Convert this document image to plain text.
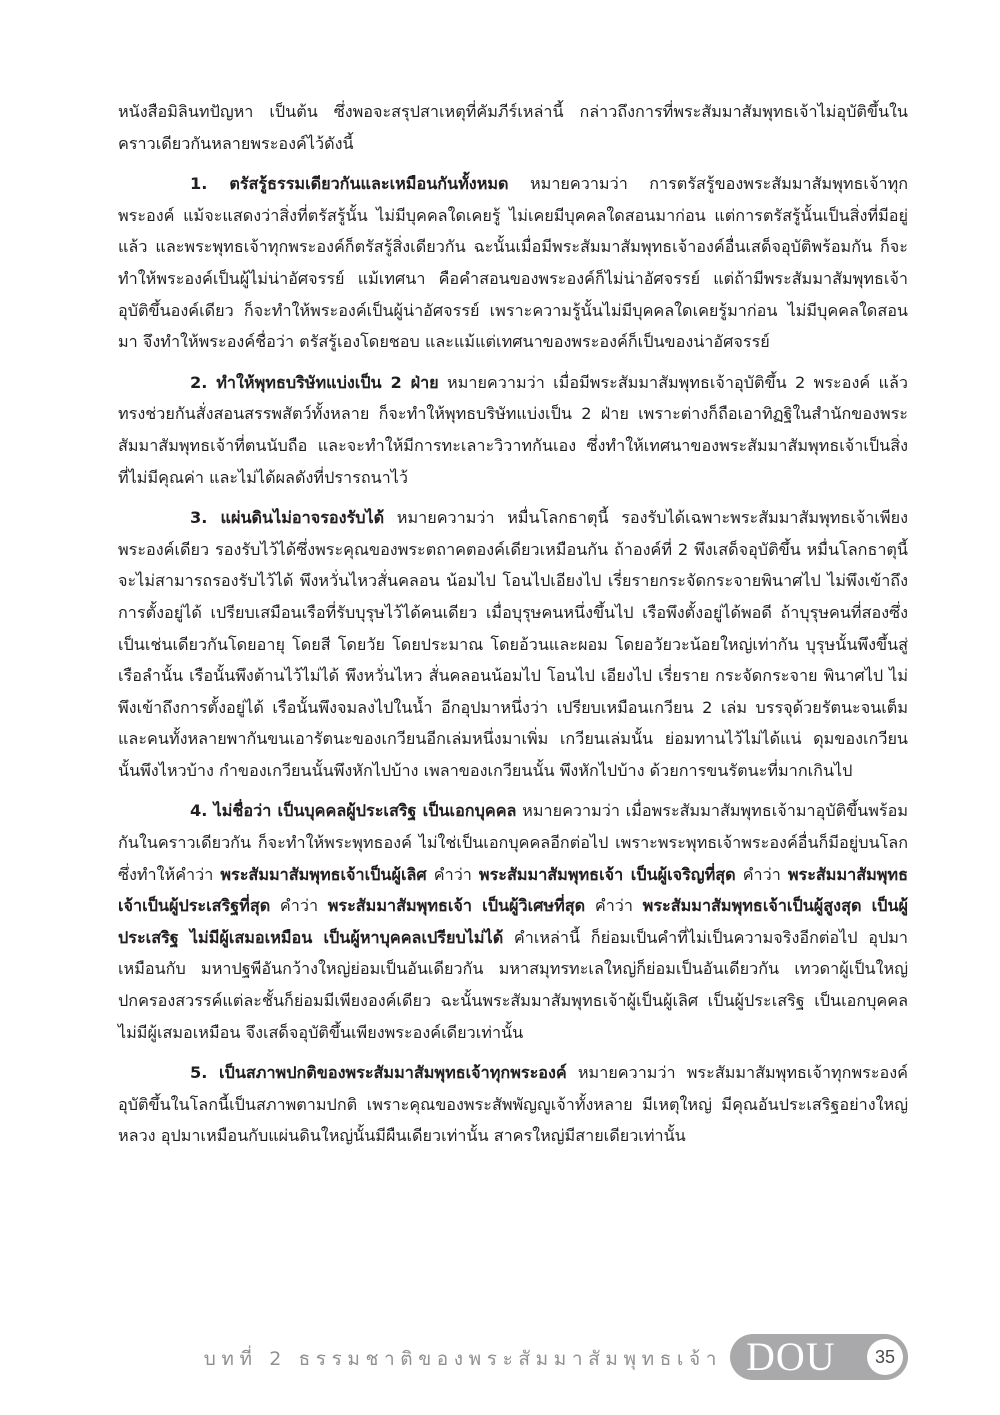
หนังสือมิลินทปัญหา เป็นต้น ซึ่งพอจะสรุปสาเหตุที่คัมภีร์เหล่านี้ กล่าวถึงการที่พระสัมมาสัมพุทธเจ้าไม่อุบัติขึ้นในคราวเดียวกันหลายพระองค์ไว้ดังนี้

1. ตรัสรู้ธรรมเดียวกันและเหมือนกันทั้งหมด หมายความว่า การตรัสรู้ของพระสัมมาสัมพุทธเจ้าทุกพระองค์ แม้จะแสดงว่าสิ่งที่ตรัสรู้นั้น ไม่มีบุคคลใดเคยรู้ ไม่เคยมีบุคคลใดสอนมาก่อน แต่การตรัสรู้นั้นเป็นสิ่งที่มีอยู่แล้ว และพระพุทธเจ้าทุกพระองค์ก็ตรัสรู้สิ่งเดียวกัน ฉะนั้นเมื่อมีพระสัมมาสัมพุทธเจ้าองค์อื่นเสด็จอุบัติพร้อมกัน ก็จะทำให้พระองค์เป็นผู้ไม่น่าอัศจรรย์ แม้เทศนา คือคำสอนของพระองค์ก็ไม่น่าอัศจรรย์ แต่ถ้ามีพระสัมมาสัมพุทธเจ้าอุบัติขึ้นองค์เดียว ก็จะทำให้พระองค์เป็นผู้น่าอัศจรรย์ เพราะความรู้นั้นไม่มีบุคคลใดเคยรู้มาก่อน ไม่มีบุคคลใดสอนมา จึงทำให้พระองค์ชื่อว่า ตรัสรู้เองโดยชอบ และแม้แต่เทศนาของพระองค์ก็เป็นของน่าอัศจรรย์

2. ทำให้พุทธบริษัทแบ่งเป็น 2 ฝ่าย หมายความว่า เมื่อมีพระสัมมาสัมพุทธเจ้าอุบัติขึ้น 2 พระองค์ แล้วทรงช่วยกันสั่งสอนสรรพสัตว์ทั้งหลาย ก็จะทำให้พุทธบริษัทแบ่งเป็น 2 ฝ่าย เพราะต่างก็ถือเอาทิฏฐิในสำนักของพระสัมมาสัมพุทธเจ้าที่ตนนับถือ และจะทำให้มีการทะเลาะวิวาทกันเอง ซึ่งทำให้เทศนาของพระสัมมาสัมพุทธเจ้าเป็นสิ่งที่ไม่มีคุณค่า และไม่ได้ผลดังที่ปรารถนาไว้

3. แผ่นดินไม่อาจรองรับได้ หมายความว่า หมื่นโลกธาตุนี้ รองรับได้เฉพาะพระสัมมาสัมพุทธเจ้าเพียงพระองค์เดียว รองรับไว้ได้ซึ่งพระคุณของพระตถาคตองค์เดียวเหมือนกัน ถ้าองค์ที่ 2 พึงเสด็จอุบัติขึ้น หมื่นโลกธาตุนี้จะไม่สามารถรองรับไว้ได้ พึงหวั่นไหวสั่นคลอน น้อมไป โอนไปเอียงไป เรี่ยรายกระจัดกระจายพินาศไป ไม่พึงเข้าถึงการตั้งอยู่ได้ เปรียบเสมือนเรือที่รับบุรุษไว้ได้คนเดียว เมื่อบุรุษคนหนึ่งขึ้นไป เรือพึงตั้งอยู่ได้พอดี ถ้าบุรุษคนที่สองซึ่งเป็นเช่นเดียวกันโดยอายุ โดยสี โดยวัย โดยประมาณ โดยอ้วนและผอม โดยอวัยวะน้อยใหญ่เท่ากัน บุรุษนั้นพึงขึ้นสู่เรือลำนั้น เรือนั้นพึงต้านไว้ไม่ได้ พึงหวั่นไหว สั่นคลอนน้อมไป โอนไป เอียงไป เรี่ยราย กระจัดกระจาย พินาศไป ไม่พึงเข้าถึงการตั้งอยู่ได้ เรือนั้นพึงจมลงไปในน้ำ อีกอุปมาหนึ่งว่า เปรียบเหมือนเกวียน 2 เล่ม บรรจุด้วยรัตนะจนเต็ม และคนทั้งหลายพากันขนเอารัตนะของเกวียนอีกเล่มหนึ่งมาเพิ่ม เกวียนเล่มนั้น ย่อมทานไว้ไม่ได้แน่ ดุมของเกวียนนั้นพึงไหวบ้าง กำของเกวียนนั้นพึงหักไปบ้าง เพลาของเกวียนนั้น พึงหักไปบ้าง ด้วยการขนรัตนะที่มากเกินไป

4. ไม่ชื่อว่า เป็นบุคคลผู้ประเสริฐ เป็นเอกบุคคล หมายความว่า เมื่อพระสัมมาสัมพุทธเจ้ามาอุบัติขึ้นพร้อมกันในคราวเดียวกัน ก็จะทำให้พระพุทธองค์ ไม่ใช่เป็นเอกบุคคลอีกต่อไป เพราะพระพุทธเจ้าพระองค์อื่นก็มีอยู่บนโลก ซึ่งทำให้คำว่า พระสัมมาสัมพุทธเจ้าเป็นผู้เลิศ คำว่า พระสัมมาสัมพุทธเจ้า เป็นผู้เจริญที่สุด คำว่า พระสัมมาสัมพุทธเจ้าเป็นผู้ประเสริฐที่สุด คำว่า พระสัมมาสัมพุทธเจ้า เป็นผู้วิเศษที่สุด คำว่า พระสัมมาสัมพุทธเจ้าเป็นผู้สูงสุด เป็นผู้ประเสริฐ ไม่มีผู้เสมอเหมือน เป็นผู้หาบุคคลเปรียบไม่ได้ คำเหล่านี้ ก็ย่อมเป็นคำที่ไม่เป็นความจริงอีกต่อไป อุปมาเหมือนกับ มหาปฐพีอันกว้างใหญ่ย่อมเป็นอันเดียวกัน มหาสมุทรทะเลใหญ่ก็ย่อมเป็นอันเดียวกัน เทวดาผู้เป็นใหญ่ปกครองสวรรค์แต่ละชั้นก็ย่อมมีเพียงองค์เดียว ฉะนั้นพระสัมมาสัมพุทธเจ้าผู้เป็นผู้เลิศ เป็นผู้ประเสริฐ เป็นเอกบุคคล ไม่มีผู้เสมอเหมือน จึงเสด็จอุบัติขึ้นเพียงพระองค์เดียวเท่านั้น

5. เป็นสภาพปกติของพระสัมมาสัมพุทธเจ้าทุกพระองค์ หมายความว่า พระสัมมาสัมพุทธเจ้าทุกพระองค์อุบัติขึ้นในโลกนี้เป็นสภาพตามปกติ เพราะคุณของพระสัพพัญญูเจ้าทั้งหลาย มีเหตุใหญ่ มีคุณอันประเสริฐอย่างใหญ่หลวง อุปมาเหมือนกับแผ่นดินใหญ่นั้นมีผืนเดียวเท่านั้น สาครใหญ่มีสายเดียวเท่านั้น

บทที่ 2 ธรรมชาติของพระสัมมาสัมพุทธเจ้า DOU	35
